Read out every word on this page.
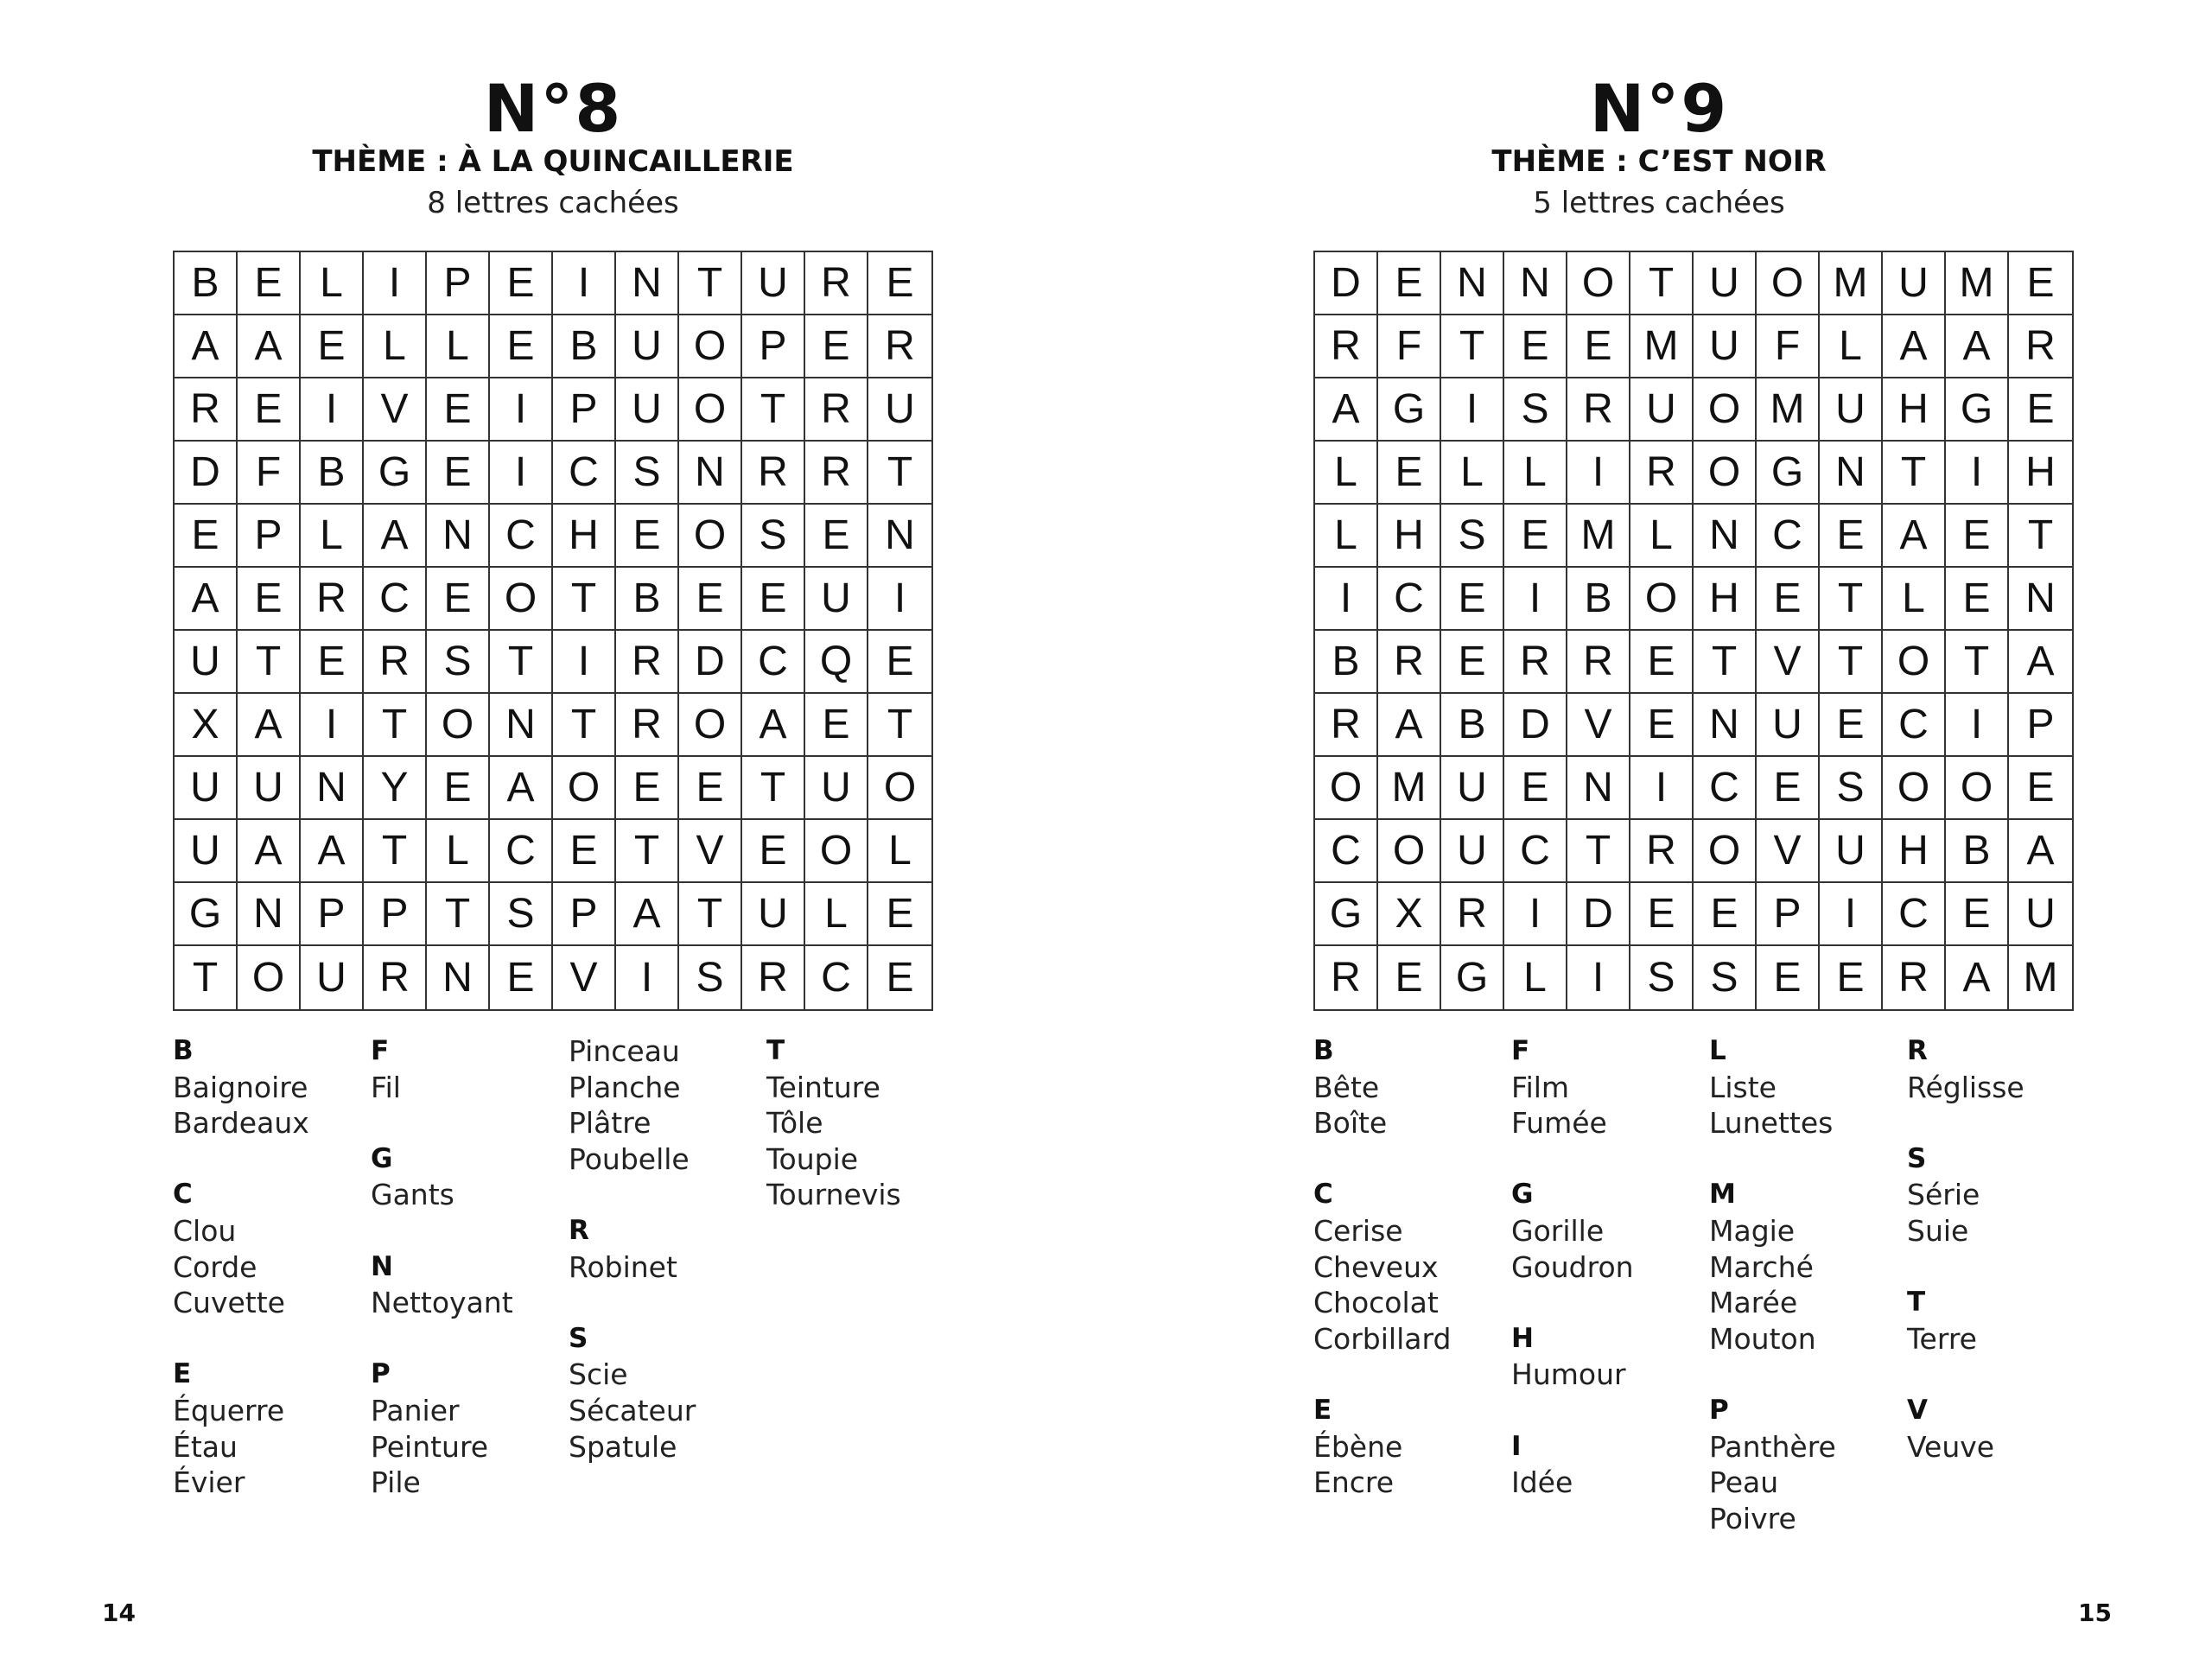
N°8
THÈME : À LA QUINCAILLERIE
8 lettres cachées
B E L	I	P E	I	N T U R E
A A E L L E B U O P E R
R E	I	V E	I	P U O T R U
D F B G E	I	C S N R R T
E P L A N C H E O S E N
A E R C E O T B E E U	I
U T E R S T	I	R D C Q E
X A	I	T O N T R O A E T
U U N Y E A O E E T U O
U A A T L C E T V E O L
G N P P T S P A T U L E
T O U R N E V	I	S R C E
B
Baignoire
Bardeaux
C
Clou
Corde
Cuvette
E
Équerre
Étau
Évier
F
Fil
G
Gants
N
Nettoyant
P
Panier
Peinture
Pile
Pinceau
Planche
Plâtre
Poubelle
R
Robinet
S
Scie
Sécateur
Spatule
T
Teinture
Tôle
Toupie
Tournevis
14
N°9
THÈME : C’EST NOIR
5 lettres cachées
D E N N O T U O M U M E
R F T E E M U F L A A R
A G I	S R U O M U H G E
L E L L	I	R O G N T	I	H
L H S E M L N C E A E T
I	C E	I	B O H E T L E N
B R E R R E T V T O T A
R A B D V E N U E C	I	P
O M U E N	I	C E S O O E
C O U C T R O V U H B A
G X R	I	D E E P	I	C E U
R E G L	I	S S E E R A M
B
Bête
Boîte
C
Cerise
Cheveux
Chocolat
Corbillard
E
Ébène
Encre
F
Film
Fumée
G
Gorille
Goudron
H
Humour
I
Idée
L
Liste
Lunettes
M
Magie
Marché
Marée
Mouton
P
Panthère
Peau
Poivre
R
Réglisse
S
Série
Suie
T
Terre
V
Veuve
15
